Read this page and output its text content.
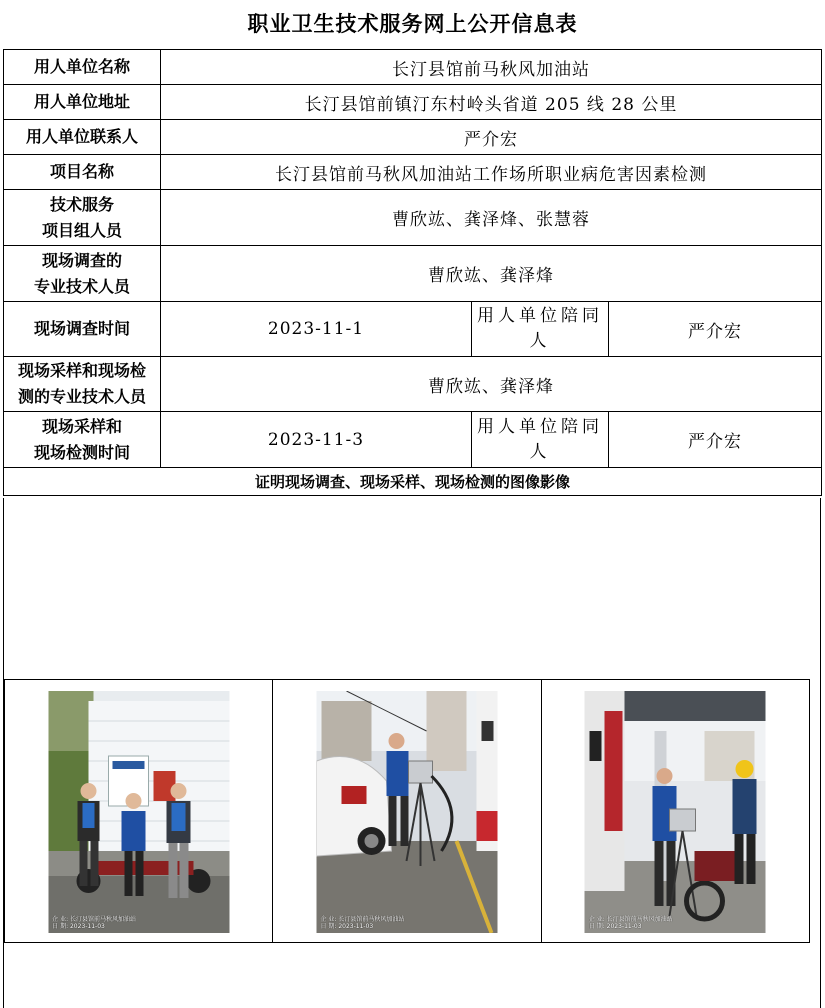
职业卫生技术服务网上公开信息表
用人单位名称	长汀县馆前马秋风加油站		
用人单位地址	长汀县馆前镇汀东村岭头省道 205 线 28 公里		
用人单位联系人	严介宏		
项目名称	长汀县馆前马秋风加油站工作场所职业病危害因素检测		

技术服务
项目组人员	曹欣竑、龚泽烽、张慧蓉		

现场调查的
专业技术人员	曹欣竑、龚泽烽		
现场调查时间	2023-11-1	用人单位陪同人	严介宏

现场采样和现场检
测的专业技术人员	曹欣竑、龚泽烽		

现场采样和
现场检测时间	2023-11-3	用人单位陪同人	严介宏
证明现场调查、现场采样、现场检测的图像影像			
企 业: 长汀县馆前马秋风加油站
日 期: 2023-11-03
企 业: 长汀县馆前马秋风加油站
日 期: 2023-11-03
企 业: 长汀县馆前马秋风加油站
日 期: 2023-11-03
